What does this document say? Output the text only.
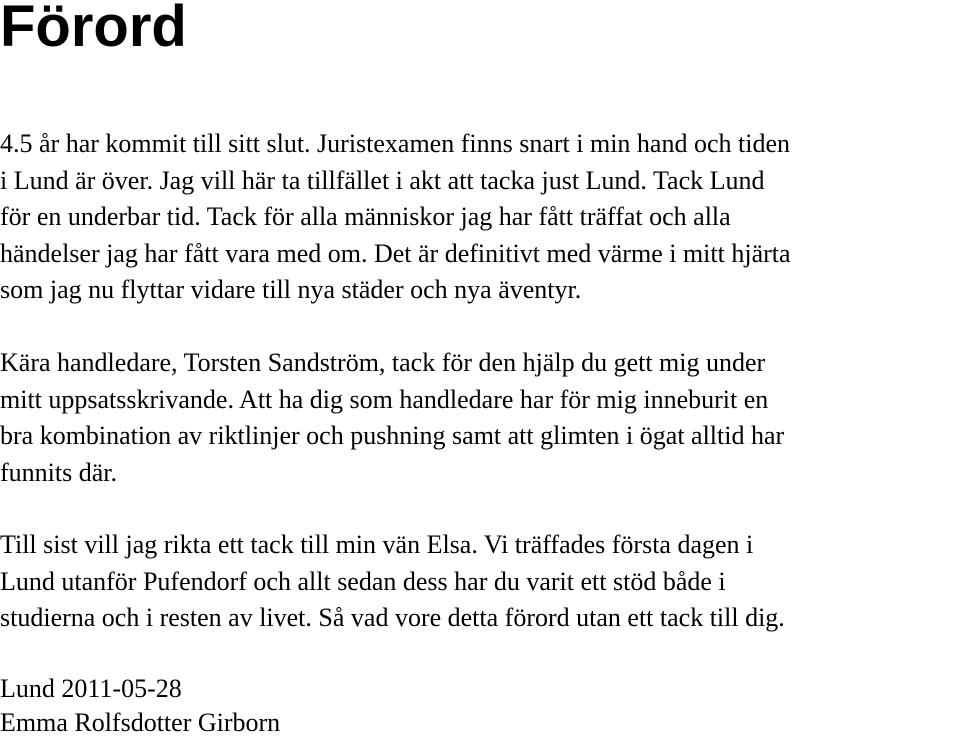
Förord

4.5 år har kommit till sitt slut. Juristexamen finns snart i min hand och tiden
i Lund är över. Jag vill här ta tillfället i akt att tacka just Lund. Tack Lund
för en underbar tid. Tack för alla människor jag har fått träffat och alla
händelser jag har fått vara med om. Det är definitivt med värme i mitt hjärta
som jag nu flyttar vidare till nya städer och nya äventyr.

Kära handledare, Torsten Sandström, tack för den hjälp du gett mig under
mitt uppsatsskrivande. Att ha dig som handledare har för mig inneburit en
bra kombination av riktlinjer och pushning samt att glimten i ögat alltid har
funnits där.

Till sist vill jag rikta ett tack till min vän Elsa. Vi träffades första dagen i
Lund utanför Pufendorf och allt sedan dess har du varit ett stöd både i
studierna och i resten av livet. Så vad vore detta förord utan ett tack till dig.

Lund 2011-05-28
Emma Rolfsdotter Girborn
